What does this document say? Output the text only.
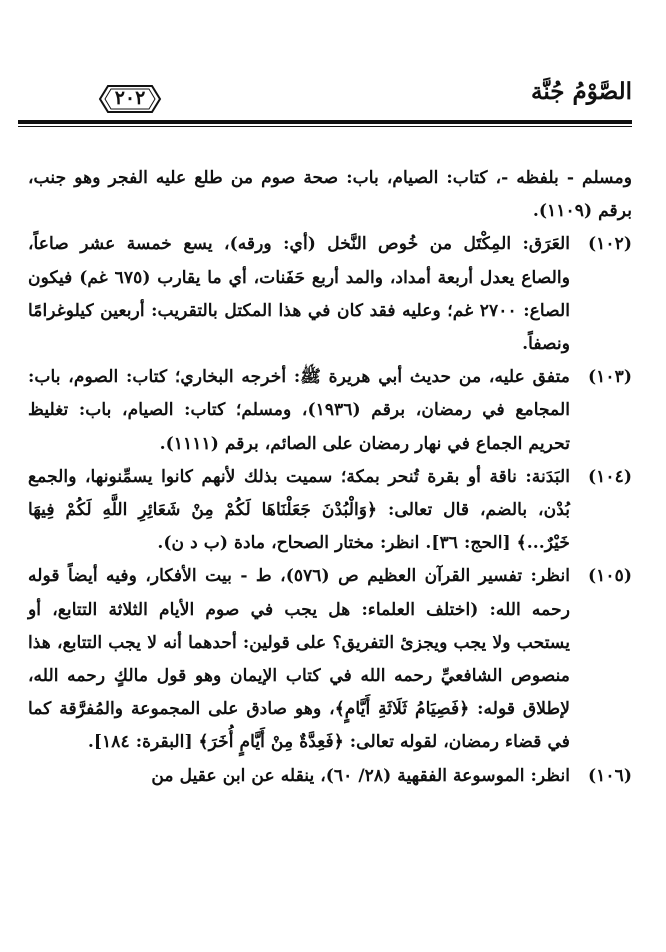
الصَّوْمُ جُنَّة
٢٠٢

ومسلم - بلفظه -، كتاب: الصيام، باب: صحة صوم من طلع عليه الفجر وهو جنب، برقم (١١٠٩).

(١٠٢)
العَرَق: المِكْتَل من خُوص النَّخل (أي: ورقه)، يسع خمسة عشر صاعاً، والصاع يعدل أربعة أمداد، والمد أربع حَفَنات، أي ما يقارب (٦٧٥ غم) فيكون الصاع: ٢٧٠٠ غم؛ وعليه فقد كان في هذا المكتل بالتقريب: أربعين كيلوغرامًا ونصفاً.

(١٠٣)
متفق عليه، من حديث أبي هريرة ﷺ: أخرجه البخاري؛ كتاب: الصوم، باب: المجامع في رمضان، برقم (١٩٣٦)، ومسلم؛ كتاب: الصيام، باب: تغليظ تحريم الجماع في نهار رمضان على الصائم، برقم (١١١١).

(١٠٤)
البَدَنة: ناقة أو بقرة تُنحر بمكة؛ سميت بذلك لأنهم كانوا يسمِّنونها، والجمع بُدْن، بالضم، قال تعالى: ﴿وَالْبُدْنَ جَعَلْنَاهَا لَكُمْ مِنْ شَعَائِرِ اللَّهِ لَكُمْ فِيهَا خَيْرٌ...﴾ [الحج: ٣٦]. انظر: مختار الصحاح، مادة (ب د ن).

(١٠٥)
انظر: تفسير القرآن العظيم ص (٥٧٦)، ط - بيت الأفكار، وفيه أيضاً قوله رحمه الله: (اختلف العلماء: هل يجب في صوم الأيام الثلاثة التتابع، أو يستحب ولا يجب ويجزئ التفريق؟ على قولين: أحدهما أنه لا يجب التتابع، هذا منصوص الشافعيِّ رحمه الله في كتاب الإيمان وهو قول مالكٍ رحمه الله، لإطلاق قوله: ﴿فَصِيَامُ ثَلَاثَةِ أَيَّامٍ﴾، وهو صادق على المجموعة والمُفرَّقة كما في قضاء رمضان، لقوله تعالى: ﴿فَعِدَّةٌ مِنْ أَيَّامٍ أُخَرَ﴾ [البقرة: ١٨٤].

(١٠٦)
انظر: الموسوعة الفقهية (٢٨/ ٦٠)، ينقله عن ابن عقيل من
